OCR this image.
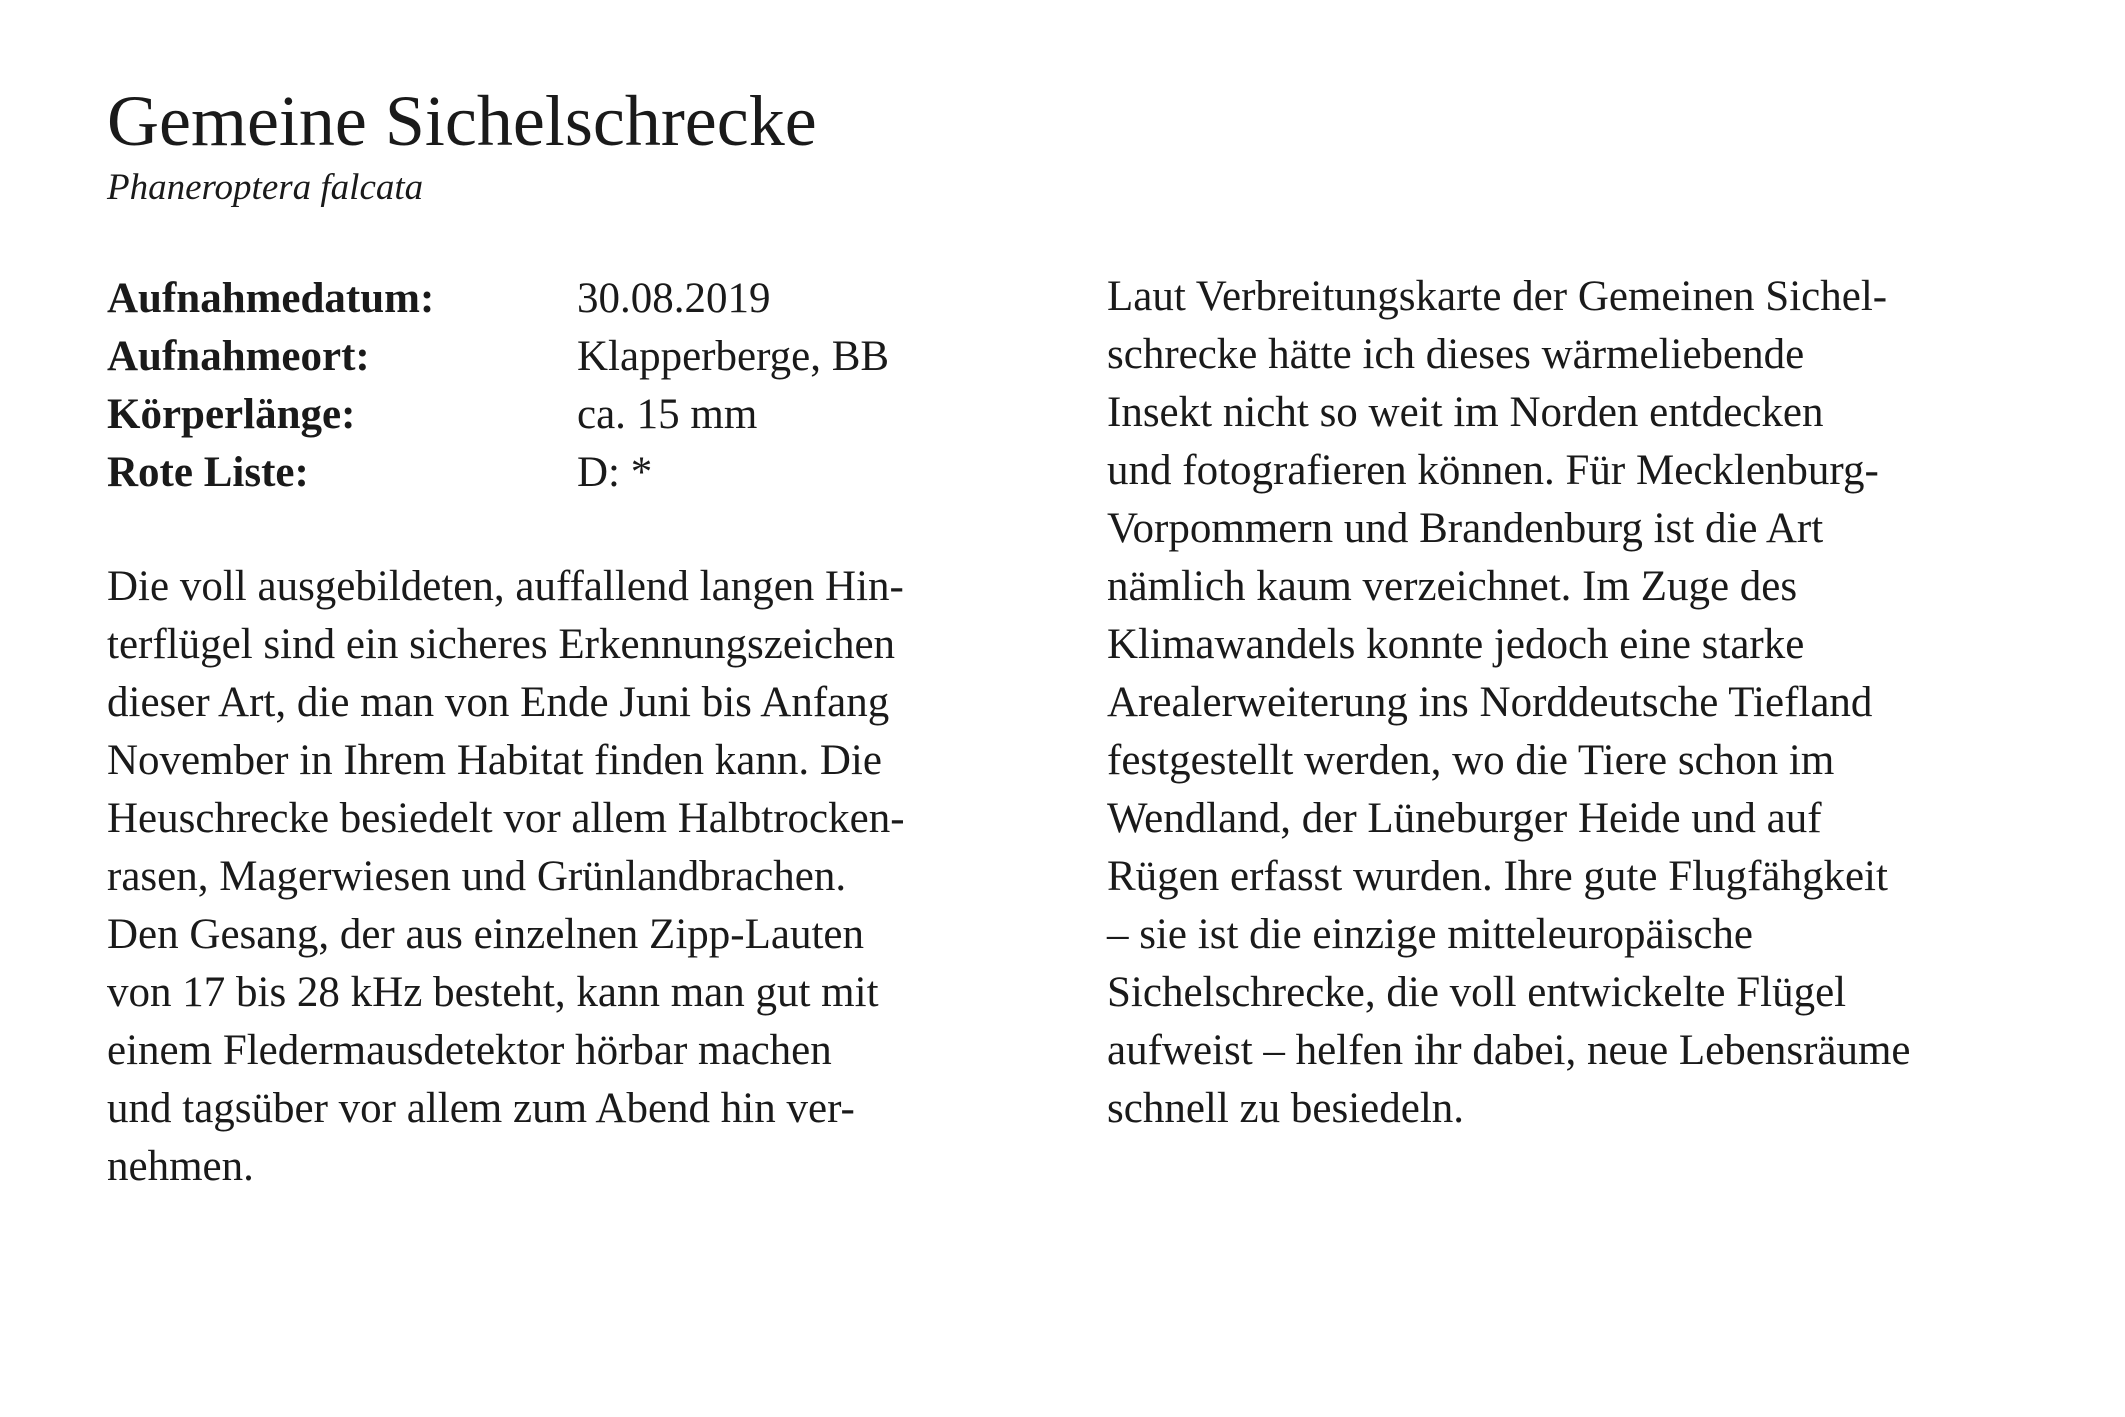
Gemeine Sichelschrecke
Phaneroptera falcata
Aufnahmedatum:	30.08.2019
Aufnahmeort:	Klapperberge, BB
Körperlänge:	ca. 15 mm
Rote Liste:	D: *
Die voll ausgebildeten, auffallend langen Hin-
terflügel sind ein sicheres Erkennungszeichen
dieser Art, die man von Ende Juni bis Anfang
November in Ihrem Habitat finden kann. Die
Heuschrecke besiedelt vor allem Halbtrocken-
rasen, Magerwiesen und Grünlandbrachen.
Den Gesang, der aus einzelnen Zipp-Lauten
von 17 bis 28 kHz besteht, kann man gut mit
einem Fledermausdetektor hörbar machen
und tagsüber vor allem zum Abend hin ver-
nehmen.
Laut Verbreitungskarte der Gemeinen Sichel-
schrecke hätte ich dieses wärmeliebende
Insekt nicht so weit im Norden entdecken
und fotografieren können. Für Mecklenburg-
Vorpommern und Brandenburg ist die Art
nämlich kaum verzeichnet. Im Zuge des
Klimawandels konnte jedoch eine starke
Arealerweiterung ins Norddeutsche Tiefland
festgestellt werden, wo die Tiere schon im
Wendland, der Lüneburger Heide und auf
Rügen erfasst wurden. Ihre gute Flugfähgkeit
– sie ist die einzige mitteleuropäische
Sichelschrecke, die voll entwickelte Flügel
aufweist – helfen ihr dabei, neue Lebensräume
schnell zu besiedeln.
